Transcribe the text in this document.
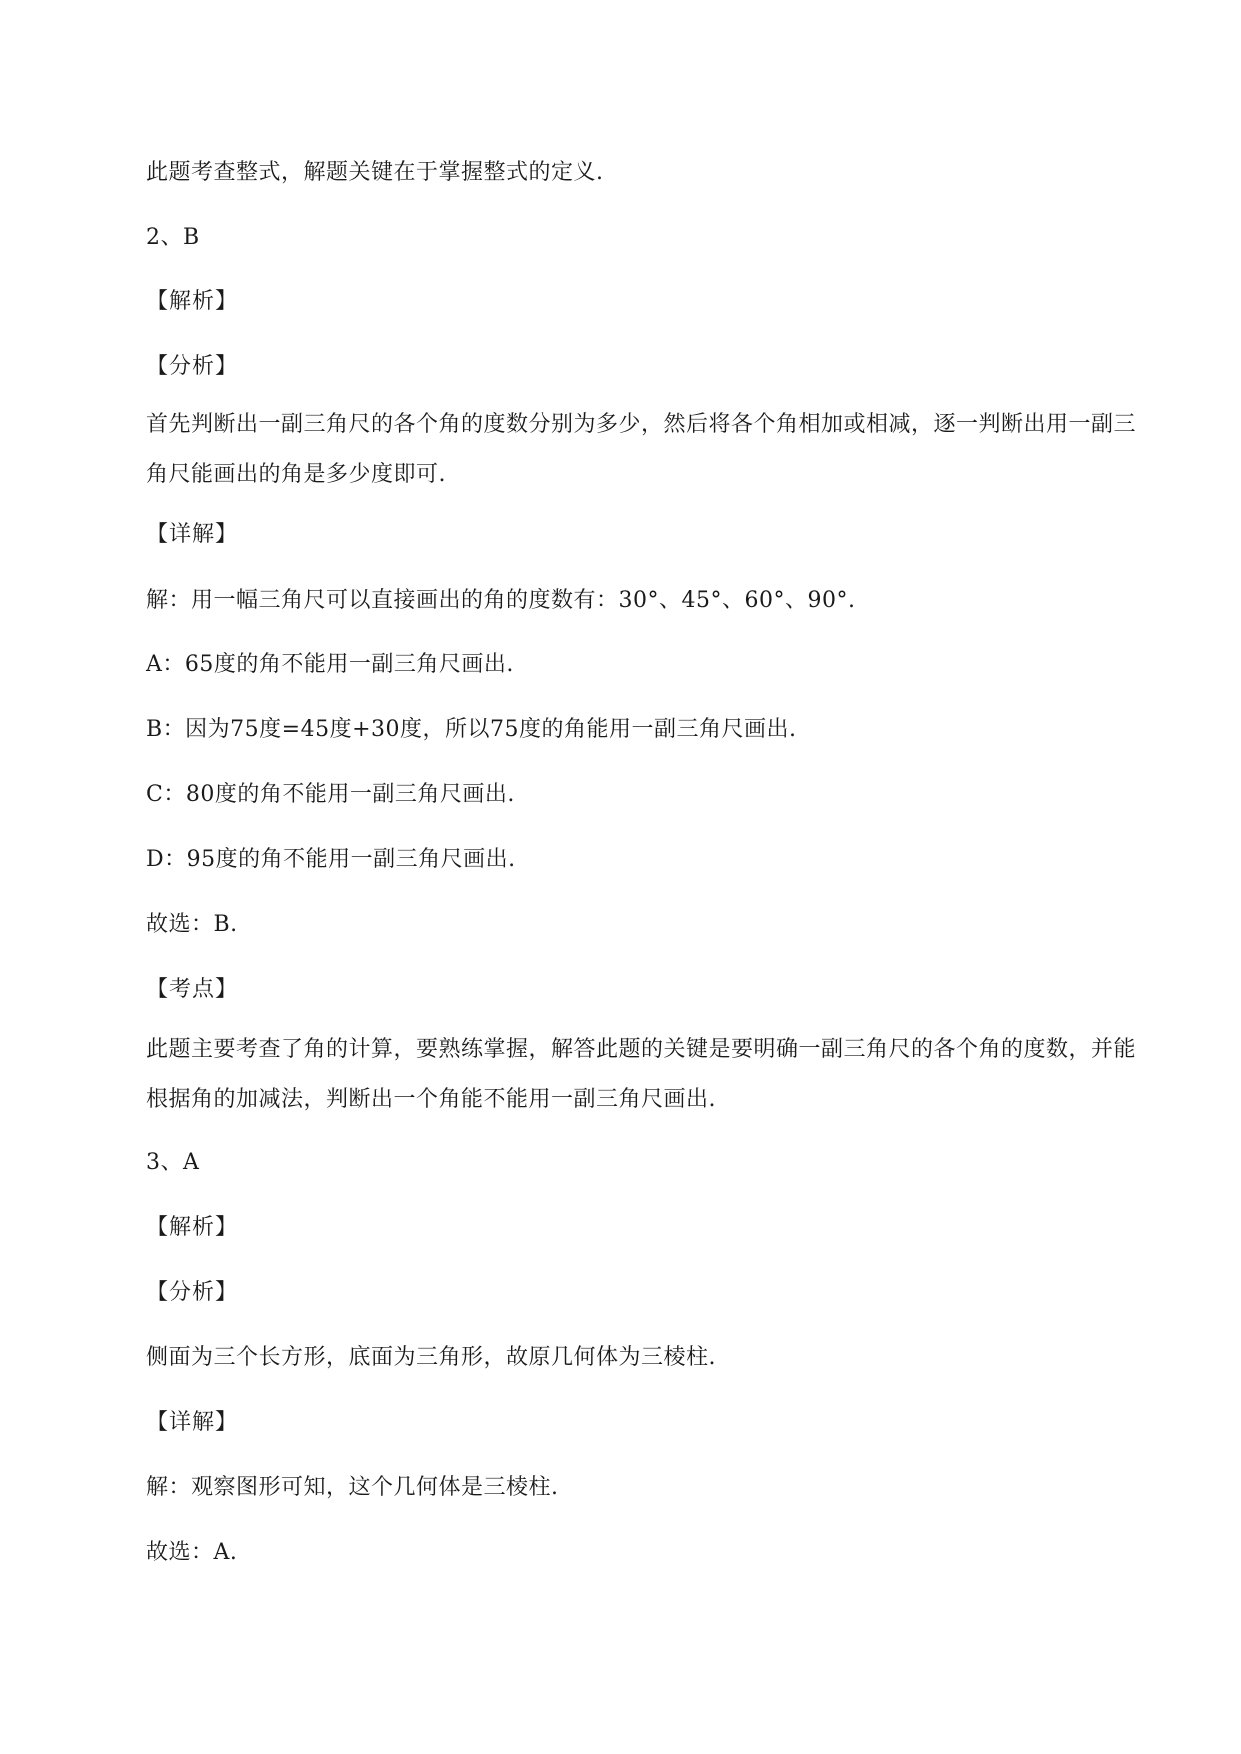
此题考查整式，解题关键在于掌握整式的定义.
2、B
【解析】
【分析】
首先判断出一副三角尺的各个角的度数分别为多少，然后将各个角相加或相减，逐一判断出用一副三角尺能画出的角是多少度即可.
【详解】
解：用一幅三角尺可以直接画出的角的度数有：30°、45°、60°、90°.
A：65度的角不能用一副三角尺画出.
B：因为75度=45度+30度，所以75度的角能用一副三角尺画出.
C：80度的角不能用一副三角尺画出.
D：95度的角不能用一副三角尺画出.
故选：B.
【考点】
此题主要考查了角的计算，要熟练掌握，解答此题的关键是要明确一副三角尺的各个角的度数，并能根据角的加减法，判断出一个角能不能用一副三角尺画出.
3、A
【解析】
【分析】
侧面为三个长方形，底面为三角形，故原几何体为三棱柱.
【详解】
解：观察图形可知，这个几何体是三棱柱.
故选：A.
